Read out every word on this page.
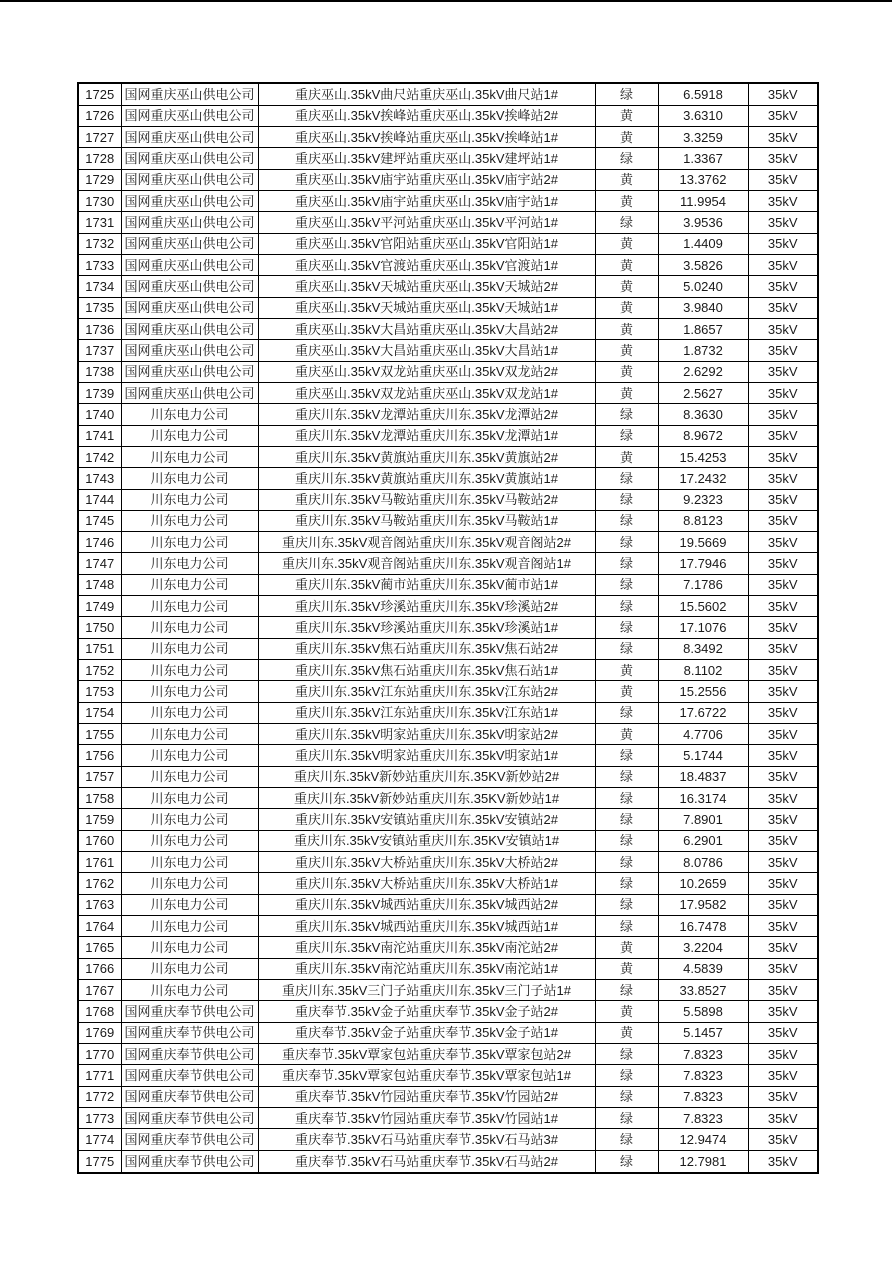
1725	国网重庆巫山供电公司	重庆巫山.35kV曲尺站重庆巫山.35kV曲尺站1#	绿	6.5918	35kV
1726	国网重庆巫山供电公司	重庆巫山.35kV挨峰站重庆巫山.35kV挨峰站2#	黄	3.6310	35kV
1727	国网重庆巫山供电公司	重庆巫山.35kV挨峰站重庆巫山.35kV挨峰站1#	黄	3.3259	35kV
1728	国网重庆巫山供电公司	重庆巫山.35kV建坪站重庆巫山.35kV建坪站1#	绿	1.3367	35kV
1729	国网重庆巫山供电公司	重庆巫山.35kV庙宇站重庆巫山.35kV庙宇站2#	黄	13.3762	35kV
1730	国网重庆巫山供电公司	重庆巫山.35kV庙宇站重庆巫山.35kV庙宇站1#	黄	11.9954	35kV
1731	国网重庆巫山供电公司	重庆巫山.35kV平河站重庆巫山.35kV平河站1#	绿	3.9536	35kV
1732	国网重庆巫山供电公司	重庆巫山.35kV官阳站重庆巫山.35kV官阳站1#	黄	1.4409	35kV
1733	国网重庆巫山供电公司	重庆巫山.35kV官渡站重庆巫山.35kV官渡站1#	黄	3.5826	35kV
1734	国网重庆巫山供电公司	重庆巫山.35kV天城站重庆巫山.35kV天城站2#	黄	5.0240	35kV
1735	国网重庆巫山供电公司	重庆巫山.35kV天城站重庆巫山.35kV天城站1#	黄	3.9840	35kV
1736	国网重庆巫山供电公司	重庆巫山.35kV大昌站重庆巫山.35kV大昌站2#	黄	1.8657	35kV
1737	国网重庆巫山供电公司	重庆巫山.35kV大昌站重庆巫山.35kV大昌站1#	黄	1.8732	35kV
1738	国网重庆巫山供电公司	重庆巫山.35kV双龙站重庆巫山.35kV双龙站2#	黄	2.6292	35kV
1739	国网重庆巫山供电公司	重庆巫山.35kV双龙站重庆巫山.35kV双龙站1#	黄	2.5627	35kV
1740	川东电力公司	重庆川东.35kV龙潭站重庆川东.35kV龙潭站2#	绿	8.3630	35kV
1741	川东电力公司	重庆川东.35kV龙潭站重庆川东.35kV龙潭站1#	绿	8.9672	35kV
1742	川东电力公司	重庆川东.35kV黄旗站重庆川东.35kV黄旗站2#	黄	15.4253	35kV
1743	川东电力公司	重庆川东.35kV黄旗站重庆川东.35kV黄旗站1#	绿	17.2432	35kV
1744	川东电力公司	重庆川东.35kV马鞍站重庆川东.35kV马鞍站2#	绿	9.2323	35kV
1745	川东电力公司	重庆川东.35kV马鞍站重庆川东.35kV马鞍站1#	绿	8.8123	35kV
1746	川东电力公司	重庆川东.35kV观音阁站重庆川东.35kV观音阁站2#	绿	19.5669	35kV
1747	川东电力公司	重庆川东.35kV观音阁站重庆川东.35kV观音阁站1#	绿	17.7946	35kV
1748	川东电力公司	重庆川东.35kV蔺市站重庆川东.35kV蔺市站1#	绿	7.1786	35kV
1749	川东电力公司	重庆川东.35kV珍溪站重庆川东.35kV珍溪站2#	绿	15.5602	35kV
1750	川东电力公司	重庆川东.35kV珍溪站重庆川东.35kV珍溪站1#	绿	17.1076	35kV
1751	川东电力公司	重庆川东.35kV焦石站重庆川东.35kV焦石站2#	绿	8.3492	35kV
1752	川东电力公司	重庆川东.35kV焦石站重庆川东.35kV焦石站1#	黄	8.1102	35kV
1753	川东电力公司	重庆川东.35kV江东站重庆川东.35kV江东站2#	黄	15.2556	35kV
1754	川东电力公司	重庆川东.35kV江东站重庆川东.35kV江东站1#	绿	17.6722	35kV
1755	川东电力公司	重庆川东.35kV明家站重庆川东.35kV明家站2#	黄	4.7706	35kV
1756	川东电力公司	重庆川东.35kV明家站重庆川东.35kV明家站1#	绿	5.1744	35kV
1757	川东电力公司	重庆川东.35kV新妙站重庆川东.35KV新妙站2#	绿	18.4837	35kV
1758	川东电力公司	重庆川东.35kV新妙站重庆川东.35KV新妙站1#	绿	16.3174	35kV
1759	川东电力公司	重庆川东.35kV安镇站重庆川东.35kV安镇站2#	绿	7.8901	35kV
1760	川东电力公司	重庆川东.35kV安镇站重庆川东.35KV安镇站1#	绿	6.2901	35kV
1761	川东电力公司	重庆川东.35kV大桥站重庆川东.35kV大桥站2#	绿	8.0786	35kV
1762	川东电力公司	重庆川东.35kV大桥站重庆川东.35kV大桥站1#	绿	10.2659	35kV
1763	川东电力公司	重庆川东.35kV城西站重庆川东.35kV城西站2#	绿	17.9582	35kV
1764	川东电力公司	重庆川东.35kV城西站重庆川东.35kV城西站1#	绿	16.7478	35kV
1765	川东电力公司	重庆川东.35kV南沱站重庆川东.35kV南沱站2#	黄	3.2204	35kV
1766	川东电力公司	重庆川东.35kV南沱站重庆川东.35kV南沱站1#	黄	4.5839	35kV
1767	川东电力公司	重庆川东.35kV三门子站重庆川东.35kV三门子站1#	绿	33.8527	35kV
1768	国网重庆奉节供电公司	重庆奉节.35kV金子站重庆奉节.35kV金子站2#	黄	5.5898	35kV
1769	国网重庆奉节供电公司	重庆奉节.35kV金子站重庆奉节.35kV金子站1#	黄	5.1457	35kV
1770	国网重庆奉节供电公司	重庆奉节.35kV覃家包站重庆奉节.35kV覃家包站2#	绿	7.8323	35kV
1771	国网重庆奉节供电公司	重庆奉节.35kV覃家包站重庆奉节.35kV覃家包站1#	绿	7.8323	35kV
1772	国网重庆奉节供电公司	重庆奉节.35kV竹园站重庆奉节.35kV竹园站2#	绿	7.8323	35kV
1773	国网重庆奉节供电公司	重庆奉节.35kV竹园站重庆奉节.35kV竹园站1#	绿	7.8323	35kV
1774	国网重庆奉节供电公司	重庆奉节.35kV石马站重庆奉节.35kV石马站3#	绿	12.9474	35kV
1775	国网重庆奉节供电公司	重庆奉节.35kV石马站重庆奉节.35kV石马站2#	绿	12.7981	35kV
